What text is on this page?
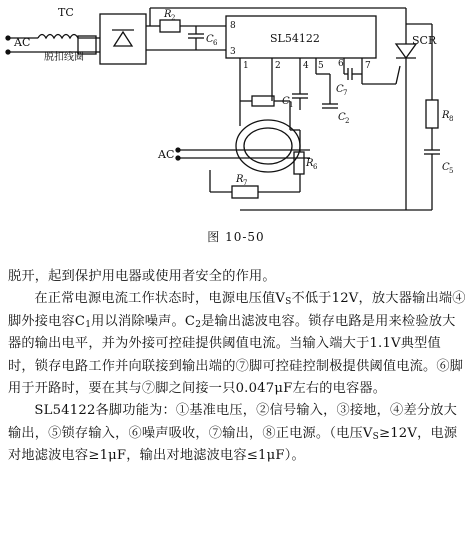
AC
TC
脱扣线圈
R 2
C 6	SL54122
8
3
1	2 4 5 6 7
C 1
C 2
C 7
SCR
R 8
C 5
AC
R 6
R 7
图 10-50

脱开，起到保护用电器或使用者安全的作用。

在正常电源电流工作状态时，电源电压值$V_S$不低于12V，放大器输出端④脚外接电容$C_1$用以消除噪声。$C_2$是输出滤波电容。锁存电路是用来检验放大器的输出电平，并为外接可控硅提供阈值电流。当输入端大于1.1V典型值时，锁存电路工作并向联接到输出端的⑦脚可控硅控制极提供阈值电流。⑥脚用于开路时，要在其与⑦脚之间接一只0.047μF左右的电容器。

SL54122各脚功能为：①基准电压，②信号输入，③接地，④差分放大输出，⑤锁存输入，⑥噪声吸收，⑦输出，⑧正电源。（电压$V_S\ge 12V$，电源对地滤波电容≥1μF，输出对地滤波电容≤1μF）。
